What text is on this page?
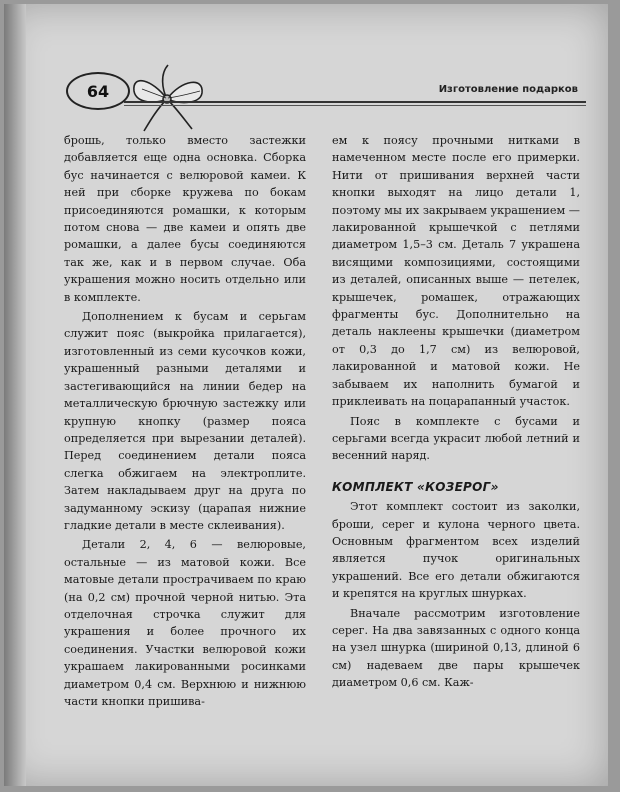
64	Изготовление подарков

брошь, только вместо застежки добавляется еще одна основка. Сборка бус начинается с велюровой камеи. К ней при сборке кружева по бокам присоединяются ромашки, к которым потом снова — две камеи и опять две ромашки, а далее бусы соединяются так же, как и в первом случае. Оба украшения можно носить отдельно или в комплекте.

Дополнением к бусам и серьгам служит пояс (выкройка прилагается), изготовленный из семи кусочков кожи, украшенный разными деталями и застегивающийся на линии бедер на металлическую брючную застежку или крупную кнопку (размер пояса определяется при вырезании деталей). Перед соединением детали пояса слегка обжигаем на электроплите. Затем накладываем друг на друга по задуманному эскизу (царапая нижние гладкие детали в месте склеивания).

Детали 2, 4, 6 — велюровые, остальные — из матовой кожи. Все матовые детали прострачиваем по краю (на 0,2 см) прочной черной нитью. Эта отделочная строчка служит для украшения и более прочного их соединения. Участки велюровой кожи украшаем лакированными росинками диаметром 0,4 см. Верхнюю и нижнюю части кнопки пришива-

ем к поясу прочными нитками в намеченном месте после его примерки. Нити от пришивания верхней части кнопки выходят на лицо детали 1, поэтому мы их закрываем украшением — лакированной крышечкой с петлями диаметром 1,5–3 см. Деталь 7 украшена висящими композициями, состоящими из деталей, описанных выше — петелек, крышечек, ромашек, отражающих фрагменты бус. Дополнительно на деталь наклеены крышечки (диаметром от 0,3 до 1,7 см) из велюровой, лакированной и матовой кожи. Не забываем их наполнить бумагой и приклеивать на поцарапанный участок.

Пояс в комплекте с бусами и серьгами всегда украсит любой летний и весенний наряд.

КОМПЛЕКТ «КОЗЕРОГ»

Этот комплект состоит из заколки, броши, серег и кулона черного цвета. Основным фрагментом всех изделий является пучок оригинальных украшений. Все его детали обжигаются и крепятся на круглых шнурках.

Вначале рассмотрим изготовление серег. На два завязанных с одного конца на узел шнурка (шириной 0,13, длиной 6 см) надеваем две пары крышечек диаметром 0,6 см. Каж-
